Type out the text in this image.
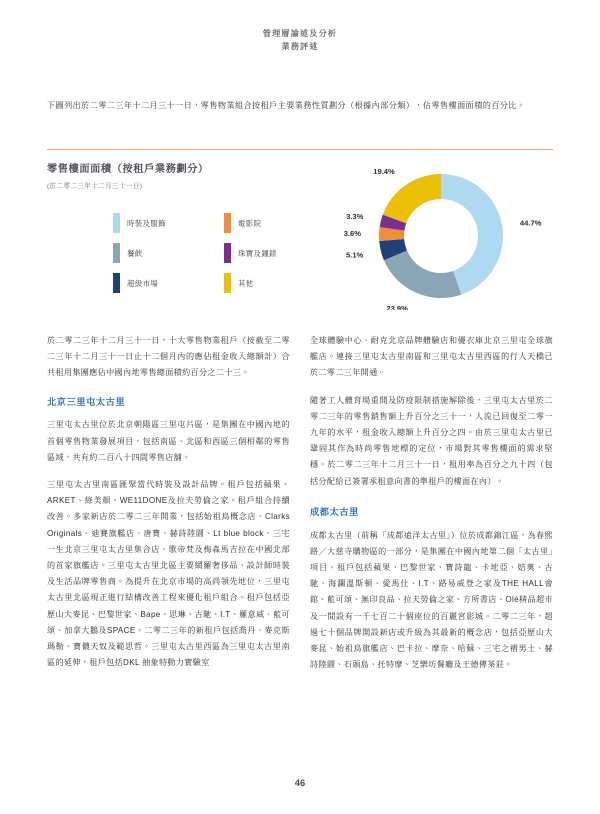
管理層論述及分析
業務評述
下圖列出於二零二三年十二月三十一日，零售物業組合按租戶主要業務性質劃分（根據內部分類），佔零售樓面面積的百分比。
零售樓面面積（按租戶業務劃分）
(於二零二三年十二月三十一日)
時裝及服飾	電影院
餐飲	珠寶及鐘錶
超級市場	其他
44.7%
23.9%
5.1%
3.6%
3.3%
19.4%

於二零二三年十二月三十一日，十大零售物業租戶（按截至二零二三年十二月三十一日止十二個月內的應佔租金收入總額計）合共租用集團應佔中國內地零售總面積約百分之二十三。

北京三里屯太古里

三里屯太古里位於北京朝陽區三里屯片區，是集團在中國內地的首個零售物業發展項目，包括南區、北區和西區三個相鄰的零售區域，共有約二百八十四間零售店舖。

三里屯太古里南區匯聚當代時裝及設計品牌。租戶包括蘋果、ARKET、綠美顏、WE11DONE及拉夫勞倫之家。租戶組合持續改善。多家新店於二零二三年開業，包括始祖鳥概念店、Clarks Originals、迪賽旗艦店、唐寶、赫詩陸園、Lt blue block、三宅一生北京三里屯太古里集合店、歌帝梵及梅森馬吉拉在中國北部的首家旗艦店。三里屯太古里北區主要網羅奢侈品、設計師時裝及生活品牌零售商。為提升在北京市場的高尚領先地位，三里屯太古里北區現正進行結構改善工程來優化租戶組合。租戶包括亞歷山大麥昆、巴黎世家、Bape、思琳、古馳、I.T、羅意威、藍可頌、加拿大鵝及SPACE。二零二三年的新租戶包括喬丹、麥克斯瑪勒、寶儂天奴及範思哲。三里屯太古里西區為三里屯太古里南區的延伸，租戶包括DKL 抽象特動力實驗室

全球體驗中心、耐克北京品牌體驗店和優衣庫北京三里屯全球旗艦店。連接三里屯太古里南區和三里屯太古里西區的行人天橋已於二零二三年開通。

隨著工人體育場重開及防疫限制措施解除後，三里屯太古里於二零二三年的零售銷售額上升百分之三十一，人流已回復至二零一九年的水平，租金收入總額上升百分之四。由於三里屯太古里已鞏固其作為時尚零售地標的定位，市場對其零售樓面的需求堅穩。於二零二三年十二月三十一日，租用率為百分之九十四（包括分配給已簽署承租意向書的準租戶的樓面在內）。

成都太古里

成都太古里（前稱「成都遠洋太古里」）位於成都錦江區，為春熙路／大慈寺購物區的一部分，是集團在中國內地第二個「太古里」項目。租戶包括蘋果、巴黎世家、寶詩龍、卡地亞、姞奧、古馳、海瀾溫斯頓、愛馬仕、I.T、路易威登之家及THE HALL會館、藍可頌、無印良品、拉夫勞倫之家、方所書店、Olé精品超市及一間設有一千七百二十個座位的百麗宮影城。二零二三年，超過七十個品牌開設新店或升級為其最新的概念店，包括亞歷山大麥昆、始祖鳥旗艦店、巴卡拉、摩奈、哈蘇、三宅之褶男士、赫詩陸園、石頭島、托特摩、芝樂坊餐廳及王德傳茶莊。

46
